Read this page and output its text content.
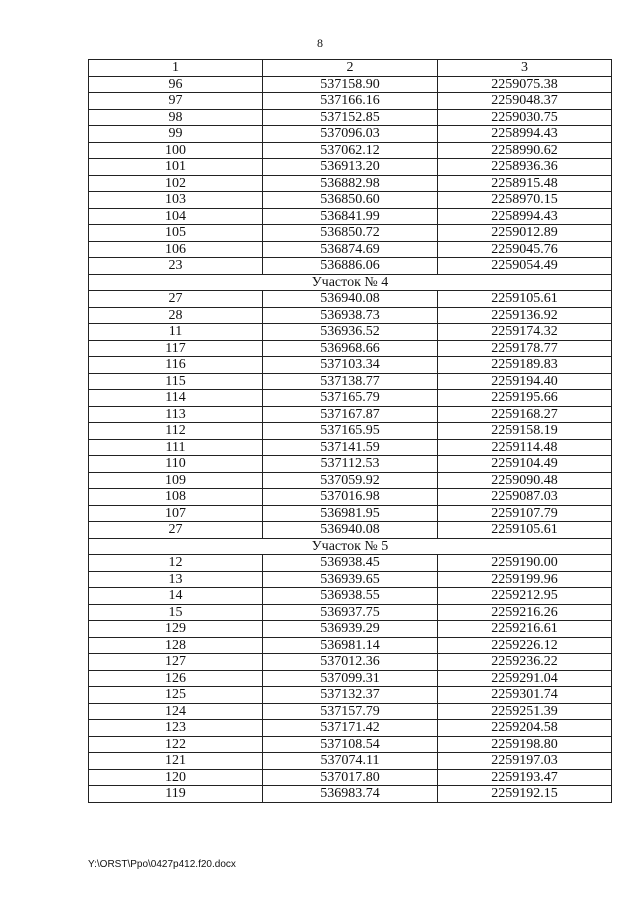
8
1	2	3
96	537158.90	2259075.38
97	537166.16	2259048.37
98	537152.85	2259030.75
99	537096.03	2258994.43
100	537062.12	2258990.62
101	536913.20	2258936.36
102	536882.98	2258915.48
103	536850.60	2258970.15
104	536841.99	2258994.43
105	536850.72	2259012.89
106	536874.69	2259045.76
23	536886.06	2259054.49
Участок № 4		
27	536940.08	2259105.61
28	536938.73	2259136.92
11	536936.52	2259174.32
117	536968.66	2259178.77
116	537103.34	2259189.83
115	537138.77	2259194.40
114	537165.79	2259195.66
113	537167.87	2259168.27
112	537165.95	2259158.19
111	537141.59	2259114.48
110	537112.53	2259104.49
109	537059.92	2259090.48
108	537016.98	2259087.03
107	536981.95	2259107.79
27	536940.08	2259105.61
Участок № 5		
12	536938.45	2259190.00
13	536939.65	2259199.96
14	536938.55	2259212.95
15	536937.75	2259216.26
129	536939.29	2259216.61
128	536981.14	2259226.12
127	537012.36	2259236.22
126	537099.31	2259291.04
125	537132.37	2259301.74
124	537157.79	2259251.39
123	537171.42	2259204.58
122	537108.54	2259198.80
121	537074.11	2259197.03
120	537017.80	2259193.47
119	536983.74	2259192.15
Y:\ORST\Ppo\0427p412.f20.docx
